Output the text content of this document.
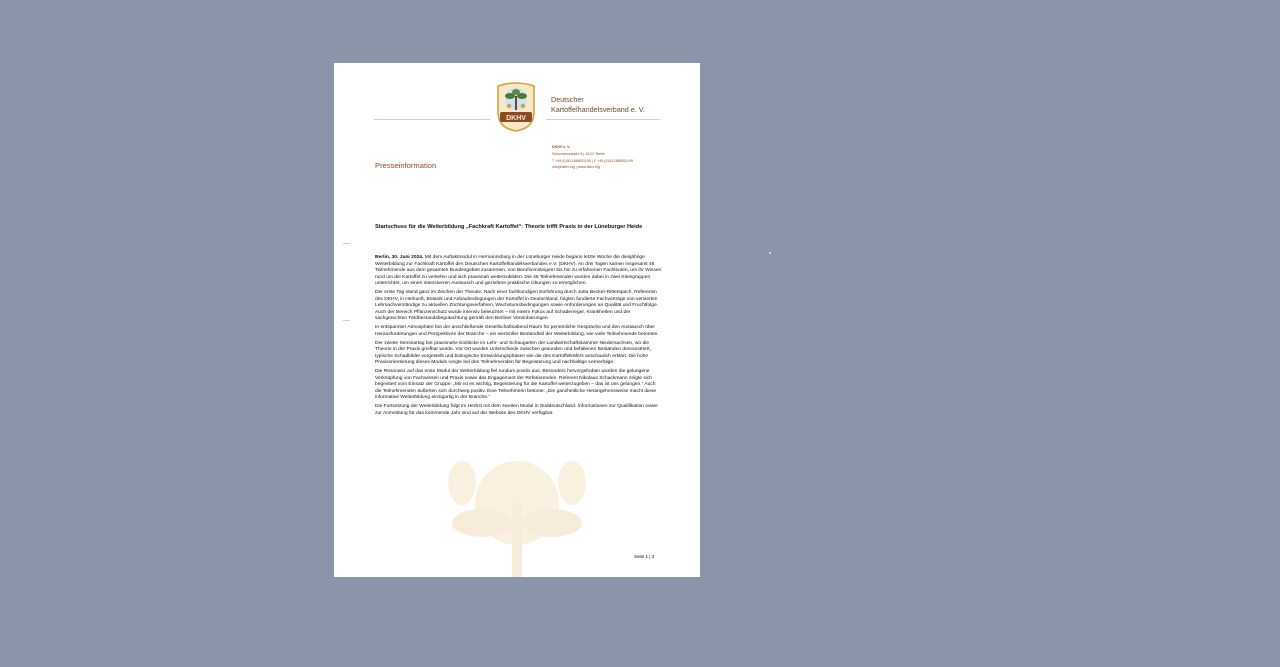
DKHV
Deutscher
Kartoffelhandelsverband e. V.
DKHV e. V.
Schumannstraße 5 | 10117 Berlin
T +49 (0)30-1868520-90 | F +49 (0)30-1868520-99
info@dkhv.org | www.dkhv.org
Presseinformation
Startschuss für die Weiterbildung „Fachkraft Kartoffel“: Theorie trifft Praxis in der Lüneburger Heide

Berlin, 30. Juni 2024. Mit dem Auftaktmodul in Hermannsburg in der Lüneburger Heide begann letzte Woche die diesjährige Weiterbildung zur Fachkraft Kartoffel des Deutschen Kartoffelhandelsverbandes e.V. (DKHV). An drei Tagen kamen insgesamt 46 Teilnehmende aus dem gesamten Bundesgebiet zusammen, von Berufseinsteigern bis hin zu erfahrenen Fachleuten, um ihr Wissen rund um die Kartoffel zu vertiefen und sich praxisnah weiterzubilden. Die 46 Teilnehmenden wurden dabei in zwei Kleingruppen unterrichtet, um einen intensiveren Austausch und gezieltere praktische Übungen zu ermöglichen.

Der erste Tag stand ganz im Zeichen der Theorie. Nach einer fachkundigen Einführung durch Jutta Becker-Ritterspach, Referentin des DKHV, in Herkunft, Botanik und Anbaubedingungen der Kartoffel in Deutschland, folgten fundierte Fachvorträge von versierten Lehrsachverständige zu aktuellen Züchtungsverfahren, Wachstumsbedingungen sowie Anforderungen an Qualität und Fruchtfolge. Auch der Bereich Pflanzenschutz wurde intensiv beleuchtet – mit einem Fokus auf Schaderreger, Krankheiten und der sachgerechten Feldbestandsbegutachtung gemäß den Berliner Vereinbarungen.

In entspannter Atmosphäre bot der anschließende Gesellschaftsabend Raum für persönliche Gespräche und den Austausch über Herausforderungen und Perspektiven der Branche – ein wertvoller Bestandteil der Weiterbildung, wie viele Teilnehmende betonten.

Der zweite Seminartag bot praxisnahe Einblicke im Lehr- und Schaugarten der Landwirtschaftskammer Niedersachsen, wo die Theorie in der Praxis greifbar wurde. Vor Ort wurden Unterschiede zwischen gesunden und befallenen Beständen demonstriert, typische Schadbilder vorgestellt und biologische Entwicklungsphasen wie die des Kartoffelkäfers anschaulich erklärt. Die hohe Praxisorientierung dieses Moduls sorgte bei den Teilnehmenden für Begeisterung und nachhaltige Lernerfolge.

Die Resonanz auf das erste Modul der Weiterbildung fiel rundum positiv aus. Besonders hervorgehoben wurden die gelungene Verknüpfung von Fachwissen und Praxis sowie das Engagement der Referierenden. Referent Nikolaus Schackmann zeigte sich begeistert vom Einsatz der Gruppe: „Mir ist es wichtig, Begeisterung für die Kartoffel weiterzugeben – das ist uns gelungen.“ Auch die Teilnehmenden äußerten sich durchweg positiv. Eine Teilnehmerin betonte: „Die ganzheitliche Herangehensweise macht diese informative Weiterbildung einzigartig in der Branche.“

Die Fortsetzung der Weiterbildung folgt im Herbst mit dem zweiten Modul in Süddeutschland. Informationen zur Qualifikation sowie zur Anmeldung für das kommende Jahr sind auf der Website des DKHV verfügbar.

Seite 1 | 3
